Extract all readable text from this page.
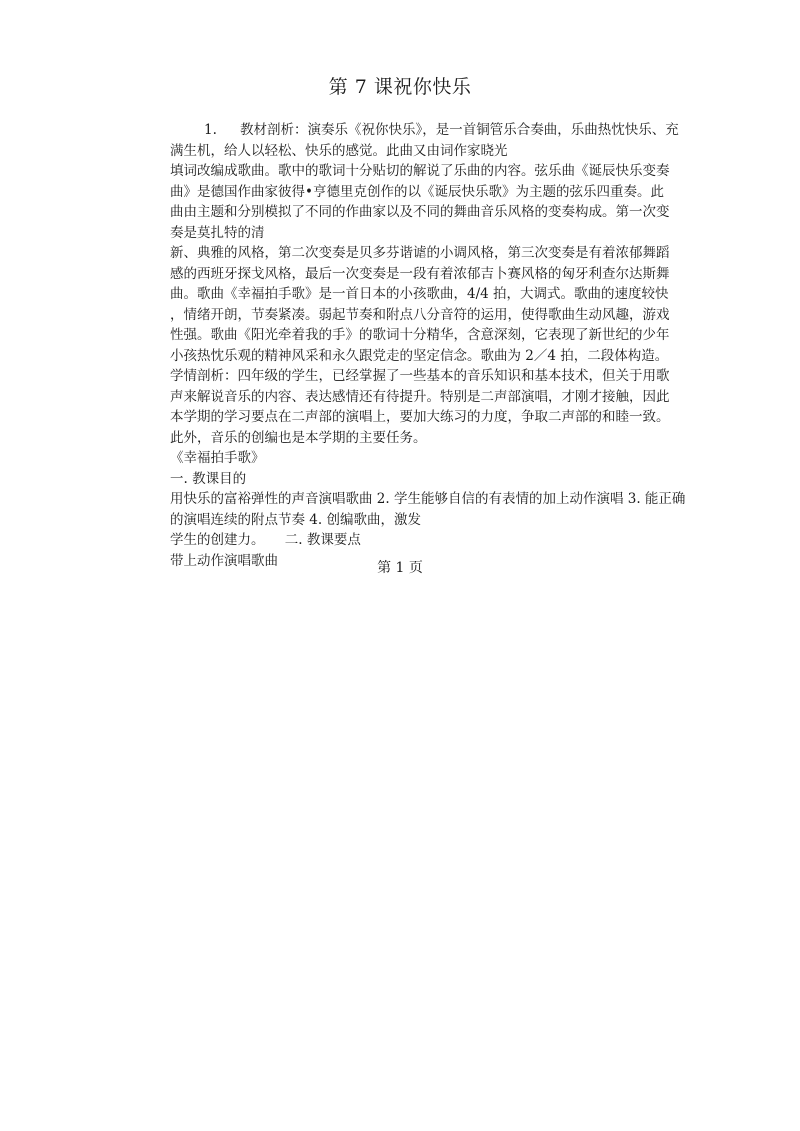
第 7 课祝你快乐
1. 教材剖析：演奏乐《祝你快乐》，是一首铜管乐合奏曲，乐曲热忱快乐、充
满生机，给人以轻松、快乐的感觉。此曲又由词作家晓光
填词改编成歌曲。歌中的歌词十分贴切的解说了乐曲的内容。弦乐曲《诞辰快乐变奏
曲》是德国作曲家彼得•亨德里克创作的以《诞辰快乐歌》为主题的弦乐四重奏。此
曲由主题和分别模拟了不同的作曲家以及不同的舞曲音乐风格的变奏构成。第一次变
奏是莫扎特的清
新、典雅的风格，第二次变奏是贝多芬谐谑的小调风格，第三次变奏是有着浓郁舞蹈
感的西班牙探戈风格，最后一次变奏是一段有着浓郁吉卜赛风格的匈牙利查尔达斯舞
曲。歌曲《幸福拍手歌》是一首日本的小孩歌曲，4/4 拍，大调式。歌曲的速度较快
，情绪开朗，节奏紧凑。弱起节奏和附点八分音符的运用，使得歌曲生动风趣，游戏
性强。歌曲《阳光牵着我的手》的歌词十分精华，含意深刻，它表现了新世纪的少年
小孩热忱乐观的精神风采和永久跟党走的坚定信念。歌曲为 2／4 拍，二段体构造。
学情剖析：四年级的学生，已经掌握了一些基本的音乐知识和基本技术，但关于用歌
声来解说音乐的内容、表达感情还有待提升。特别是二声部演唱，才刚才接触，因此
本学期的学习要点在二声部的演唱上，要加大练习的力度，争取二声部的和睦一致。
此外，音乐的创编也是本学期的主要任务。
《幸福拍手歌》
一. 教课目的
用快乐的富裕弹性的声音演唱歌曲 2. 学生能够自信的有表情的加上动作演唱 3. 能正确
的演唱连续的附点节奏 4. 创编歌曲，激发
学生的创建力。　　二. 教课要点
带上动作演唱歌曲	第 1 页
